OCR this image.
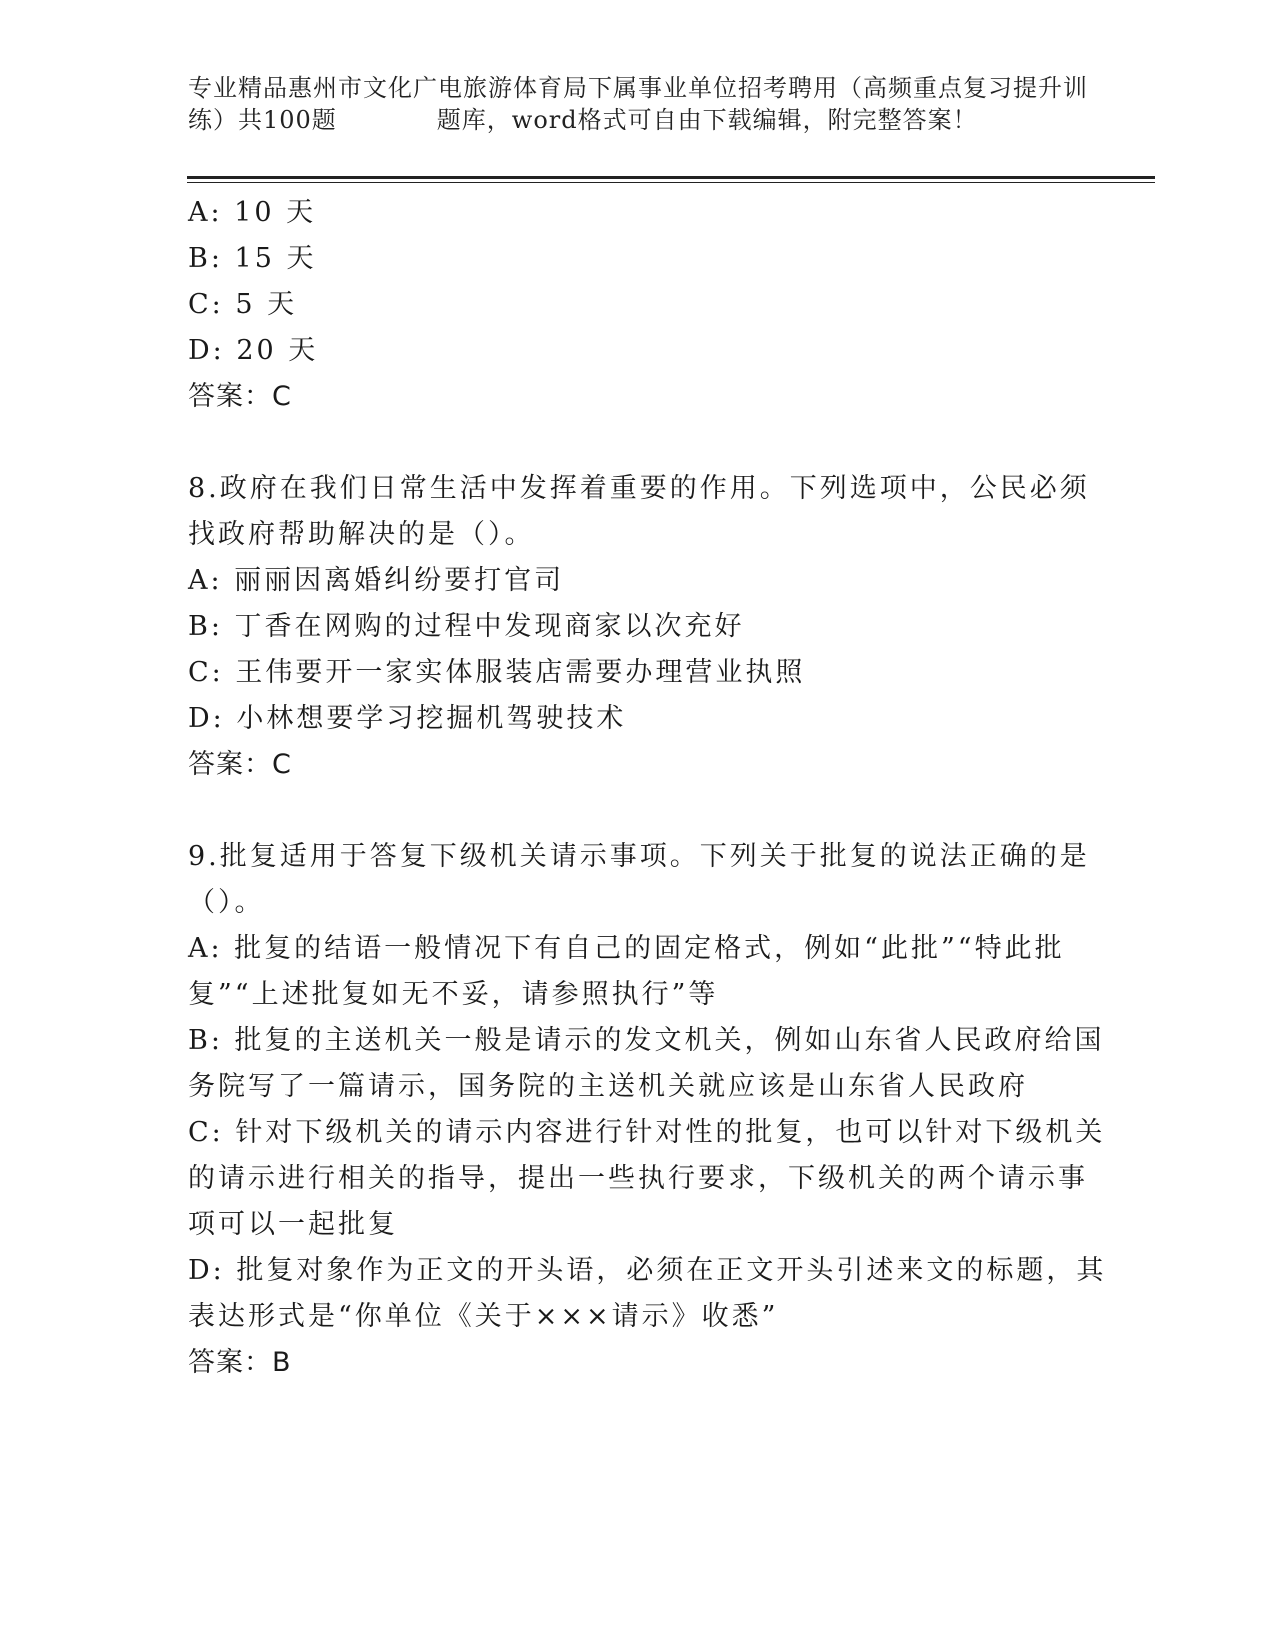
专业精品惠州市文化广电旅游体育局下属事业单位招考聘用（高频重点复习提升训
练）共100题　　　　题库，word格式可自由下载编辑，附完整答案！
A: 10 天
B: 15 天
C: 5 天
D: 20 天
答案：C
8.政府在我们日常生活中发挥着重要的作用。下列选项中，公民必须
找政府帮助解决的是（）。
A: 丽丽因离婚纠纷要打官司
B: 丁香在网购的过程中发现商家以次充好
C: 王伟要开一家实体服装店需要办理营业执照
D: 小林想要学习挖掘机驾驶技术
答案：C
9.批复适用于答复下级机关请示事项。下列关于批复的说法正确的是
（）。
A: 批复的结语一般情况下有自己的固定格式，例如“此批”“特此批
复”“上述批复如无不妥，请参照执行”等
B: 批复的主送机关一般是请示的发文机关，例如山东省人民政府给国
务院写了一篇请示，国务院的主送机关就应该是山东省人民政府
C: 针对下级机关的请示内容进行针对性的批复，也可以针对下级机关
的请示进行相关的指导，提出一些执行要求，下级机关的两个请示事
项可以一起批复
D: 批复对象作为正文的开头语，必须在正文开头引述来文的标题，其
表达形式是“你单位《关于×××请示》收悉”
答案：B
